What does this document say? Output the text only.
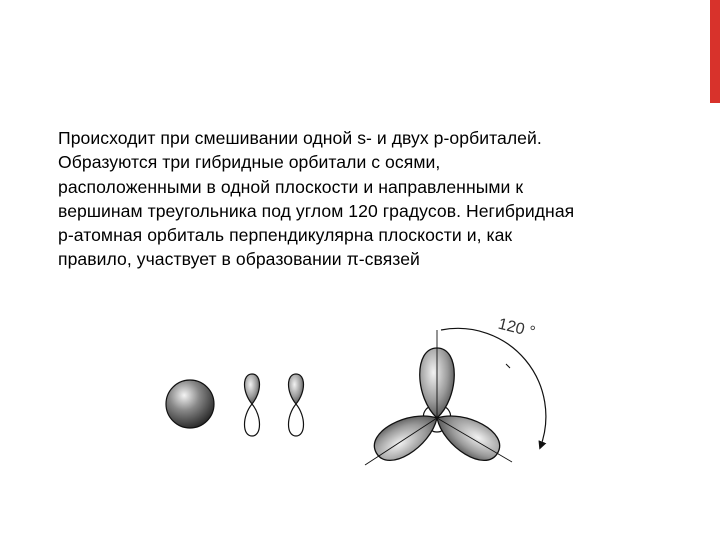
Происходит при смешивании одной s- и двух p-орбиталей.
Образуются три гибридные орбитали с осями,
расположенными в одной плоскости и направленными к
вершинам треугольника под углом 120 градусов. Негибридная
p-атомная орбиталь перпендикулярна плоскости и, как
правило, участвует в образовании π-связей
120 °
